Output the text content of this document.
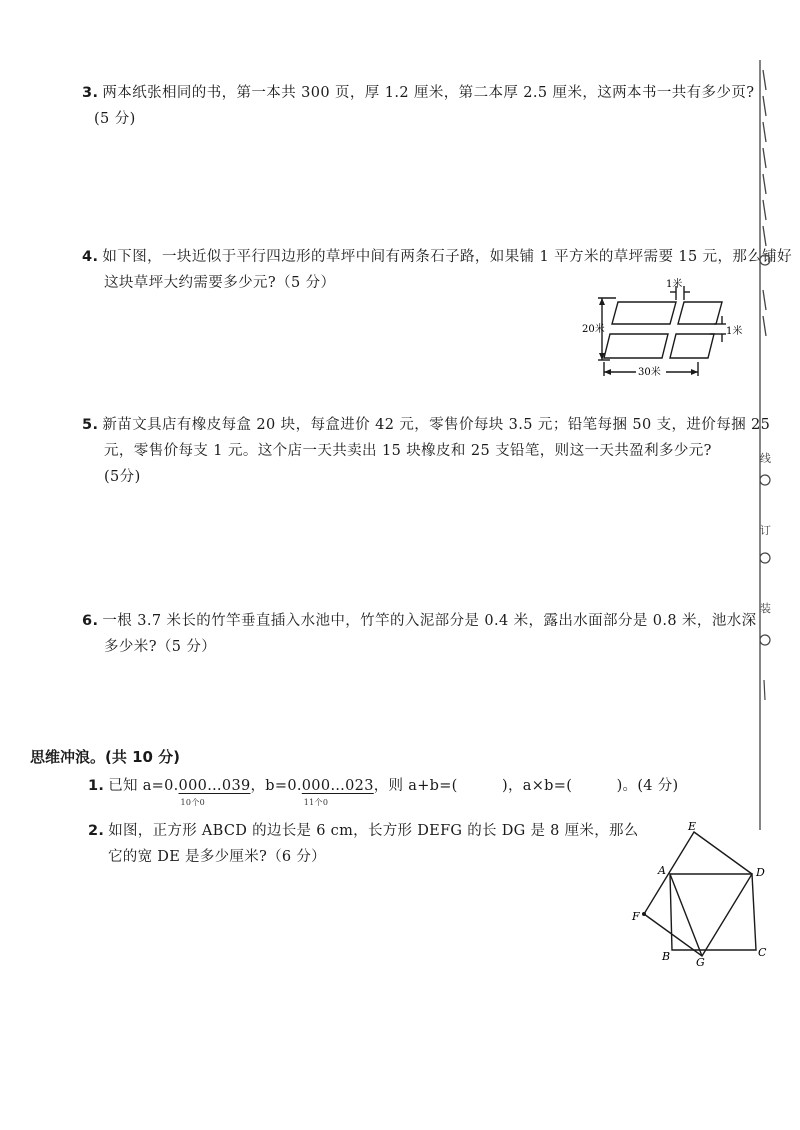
3. 两本纸张相同的书，第一本共 300 页，厚 1.2 厘米，第二本厚 2.5 厘米，这两本书一共有多少页?
(5 分)
4. 如下图，一块近似于平行四边形的草坪中间有两条石子路，如果铺 1 平方米的草坪需要 15 元，那么铺好
这块草坪大约需要多少元?（5 分）	1米
1米
20米
30米
5. 新苗文具店有橡皮每盒 20 块，每盒进价 42 元，零售价每块 3.5 元；铅笔每捆 50 支，进价每捆 25
元，零售价每支 1 元。这个店一天共卖出 15 块橡皮和 25 支铅笔，则这一天共盈利多少元?
(5分)
6. 一根 3.7 米长的竹竿垂直插入水池中，竹竿的入泥部分是 0.4 米，露出水面部分是 0.8 米，池水深
多少米?（5 分）
思维冲浪。(共 10 分)
1. 已知 a=0.000…039
10个0
，b=0.000…023
11个0
，则 a+b=(　　　)，a×b=(　　　)。(4 分)
2. 如图，正方形 ABCD 的边长是 6 cm，长方形 DEFG 的长 DG 是 8 厘米，那么
它的宽 DE 是多少厘米?（6 分）
E
A	D
F
B G
C
线
订
装
